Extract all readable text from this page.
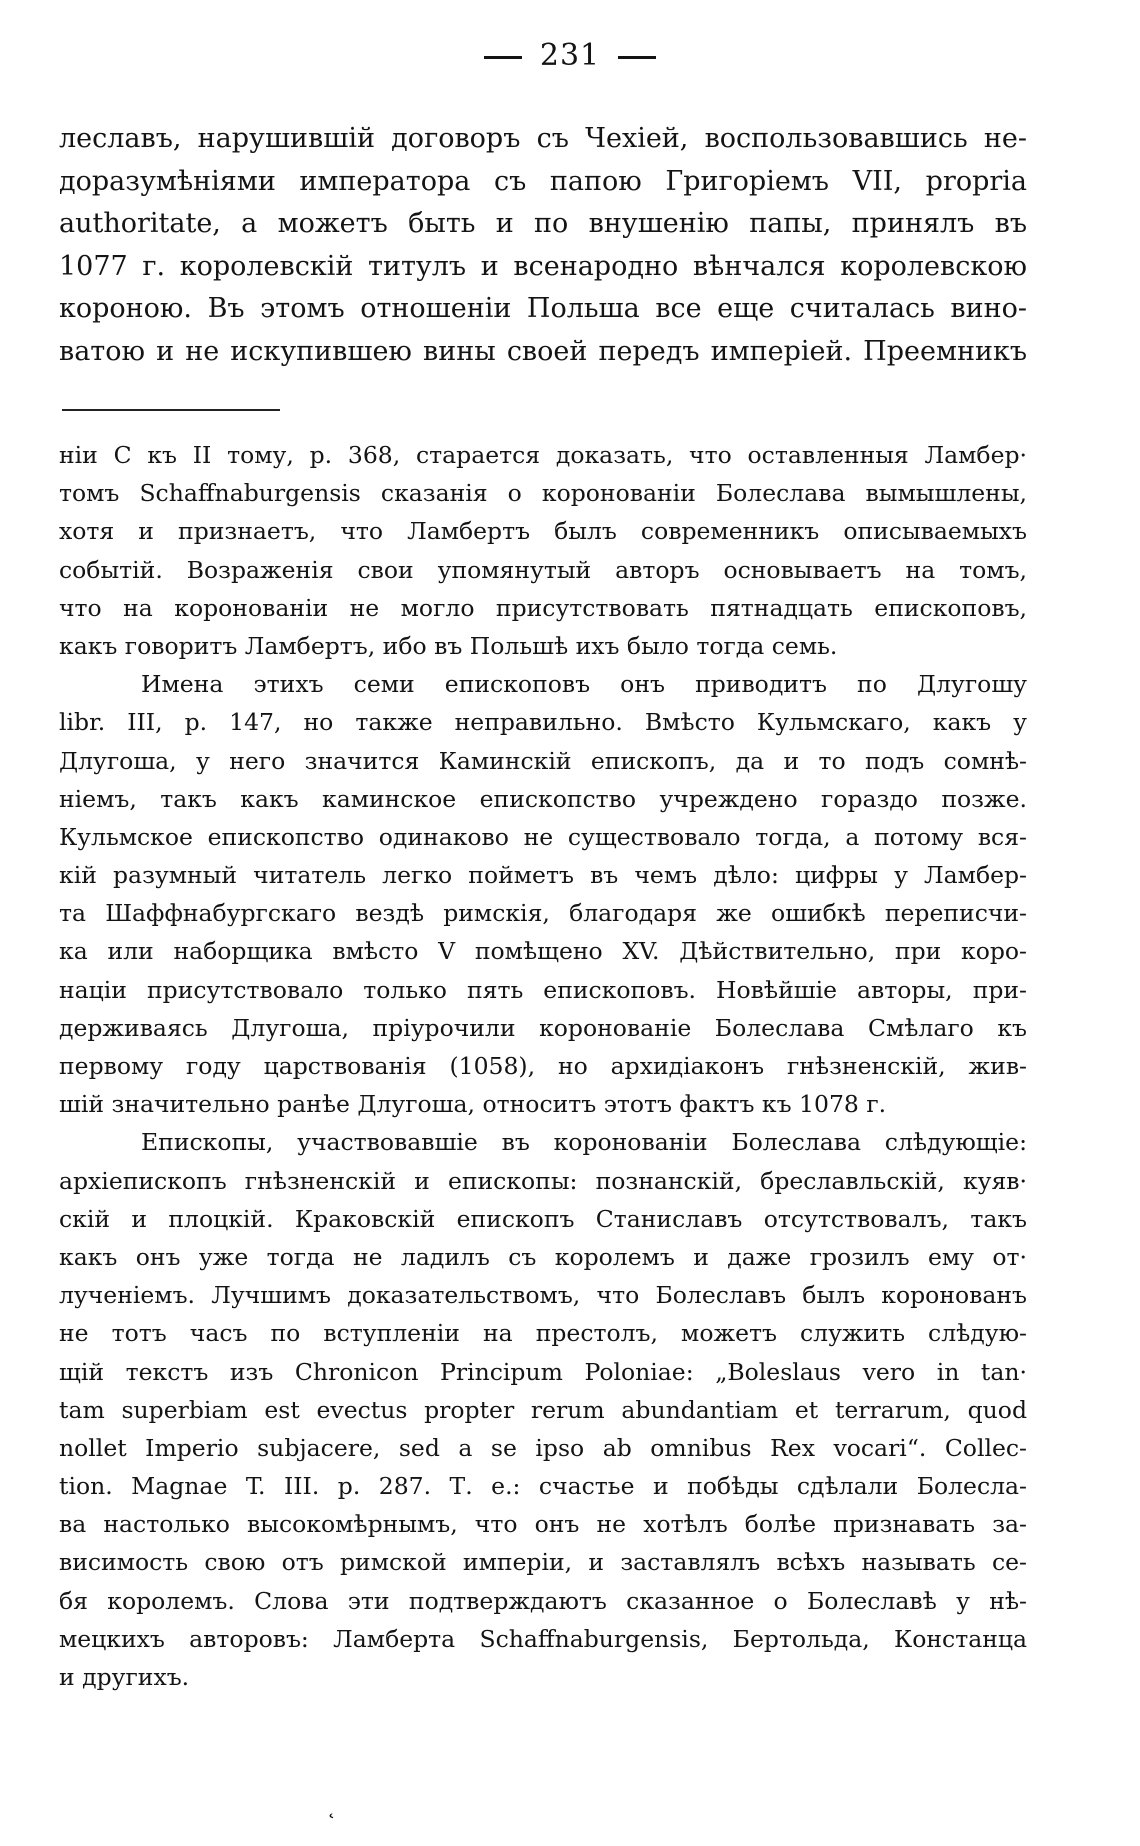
231
леславъ, нарушившій договоръ съ Чехіей, воспользовавшись не-
доразумѣніями императора съ папою Григоріемъ VII, propria
authoritate, а можетъ быть и по внушенію папы, принялъ въ
1077 г. королевскій титулъ и всенародно вѣнчался королевскою
короною. Въ этомъ отношеніи Польша все еще считалась вино-
ватою и не искупившею вины своей передъ имперіей. Преемникъ
ніи C къ II тому, p. 368, старается доказать, что оставленныя Ламбер·
томъ Schaffnaburgensis сказанія о короновaніи Болеслава вымышлены,
хотя и признаетъ, что Ламбертъ былъ современникъ описываемыхъ
событій. Возраженія свои упомянутый авторъ основываетъ на томъ,
что на короновaніи не могло присутствовать пятнадцать епископовъ,
какъ говоритъ Ламбертъ, ибо въ Польшѣ ихъ было тогда семь.
Имена этихъ семи епископовъ онъ приводитъ по Длугошу
libr. III, p. 147, но также неправильно. Вмѣсто Кульмскаго, какъ у
Длугоша, у него значится Каминскій епископъ, да и то подъ сомнѣ-
ніемъ, такъ какъ каминское епископство учреждено гораздо позже.
Кульмское епископство одинаково не существовало тогда, а потому вся-
кій разумный читатель легко пойметъ въ чемъ дѣло: цифры у Ламбер-
та Шаффнабургскаго вездѣ римскія, благодаря же ошибкѣ переписчи-
ка или наборщика вмѣсто V помѣщено XV. Дѣйствительно, при коро-
націи присутствовало только пять епископовъ. Новѣйшіе авторы, при-
держиваясь Длугоша, пріурочили короновaніе Болеслава Смѣлаго къ
первому году царствованія (1058), но архидіаконъ гнѣзненскій, жив-
шій значительно ранѣе Длугоша, относитъ этотъ фактъ къ 1078 г.
Епископы, участвовавшіе въ короновaніи Болеслава слѣдующіе:
архіепископъ гнѣзненскій и епископы: познанскій, бреславльскій, куяв·
скій и плоцкій. Краковскій епископъ Станиславъ отсутствовалъ, такъ
какъ онъ уже тогда не ладилъ съ королемъ и даже грозилъ ему от·
лученіемъ. Лучшимъ доказательствомъ, что Болеславъ былъ коронованъ
не тотъ часъ по вступленіи на престолъ, можетъ служить слѣдую-
щій текстъ изъ Chronicon Principum Poloniae: „Boleslaus vero in tan·
tam superbiam est evectus propter rerum abundantiam et terrarum, quod
nollet Imperio subjacere, sed a se ipso ab omnibus Rex vocari“. Collec-
tion. Magnae T. III. p. 287. Т. е.: счастье и побѣды сдѣлали Болесла-
ва настолько высокомѣрнымъ, что онъ не хотѣлъ болѣе признавать за-
висимость свою отъ римской имперіи, и заставлялъ всѣхъ называть се-
бя королемъ. Слова эти подтверждаютъ сказанное о Болеславѣ у нѣ-
мецкихъ авторовъ: Ламберта Schaffnaburgensis, Бертольда, Констанца
и другихъ.
˛
